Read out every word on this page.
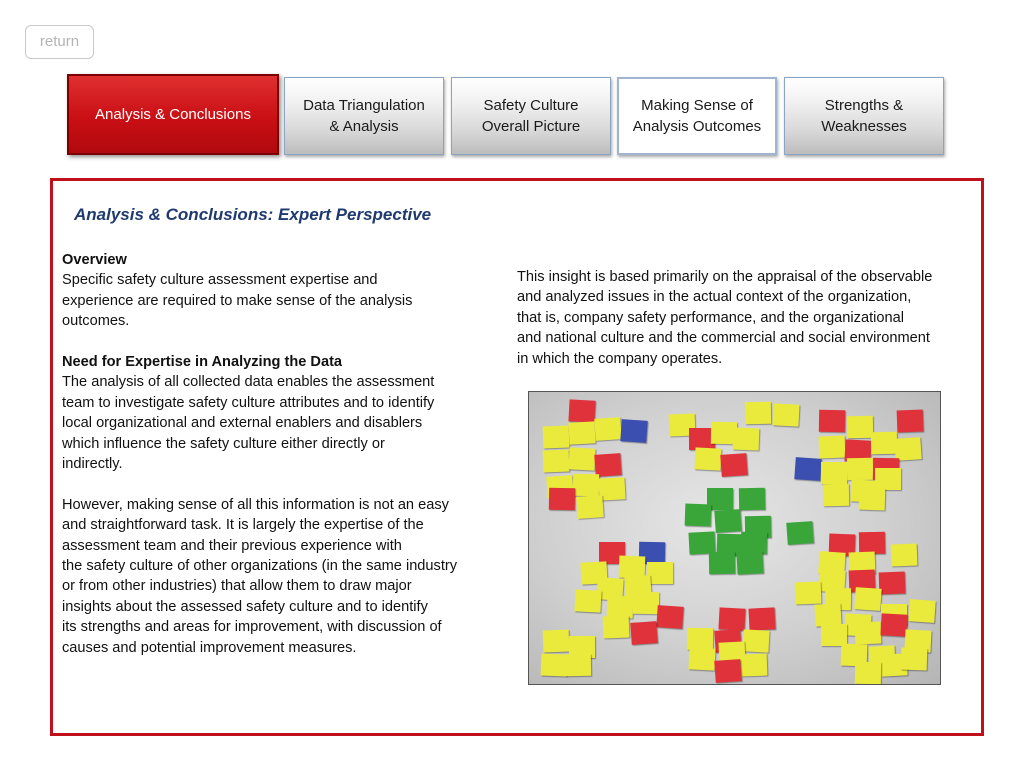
return
Analysis & Conclusions
Data Triangulation
& Analysis
Safety Culture
Overall Picture
Making Sense of
Analysis Outcomes
Strengths &
Weaknesses
Analysis & Conclusions: Expert Perspective
Overview
Specific safety culture assessment expertise and
experience are required to make sense of the analysis
outcomes.
Need for Expertise in Analyzing the Data
The analysis of all collected data enables the assessment
team to investigate safety culture attributes and to identify
local organizational and external enablers and disablers
which influence the safety culture either directly or
indirectly.
However, making sense of all this information is not an easy
and straightforward task. It is largely the expertise of the
assessment team and their previous experience with
the safety culture of other organizations (in the same industry
or from other industries) that allow them to draw major
insights about the assessed safety culture and to identify
its strengths and areas for improvement, with discussion of
causes and potential improvement measures.
This insight is based primarily on the appraisal of the observable
and analyzed issues in the actual context of the organization,
that is, company safety performance, and the organizational
and national culture and the commercial and social environment
in which the company operates.
